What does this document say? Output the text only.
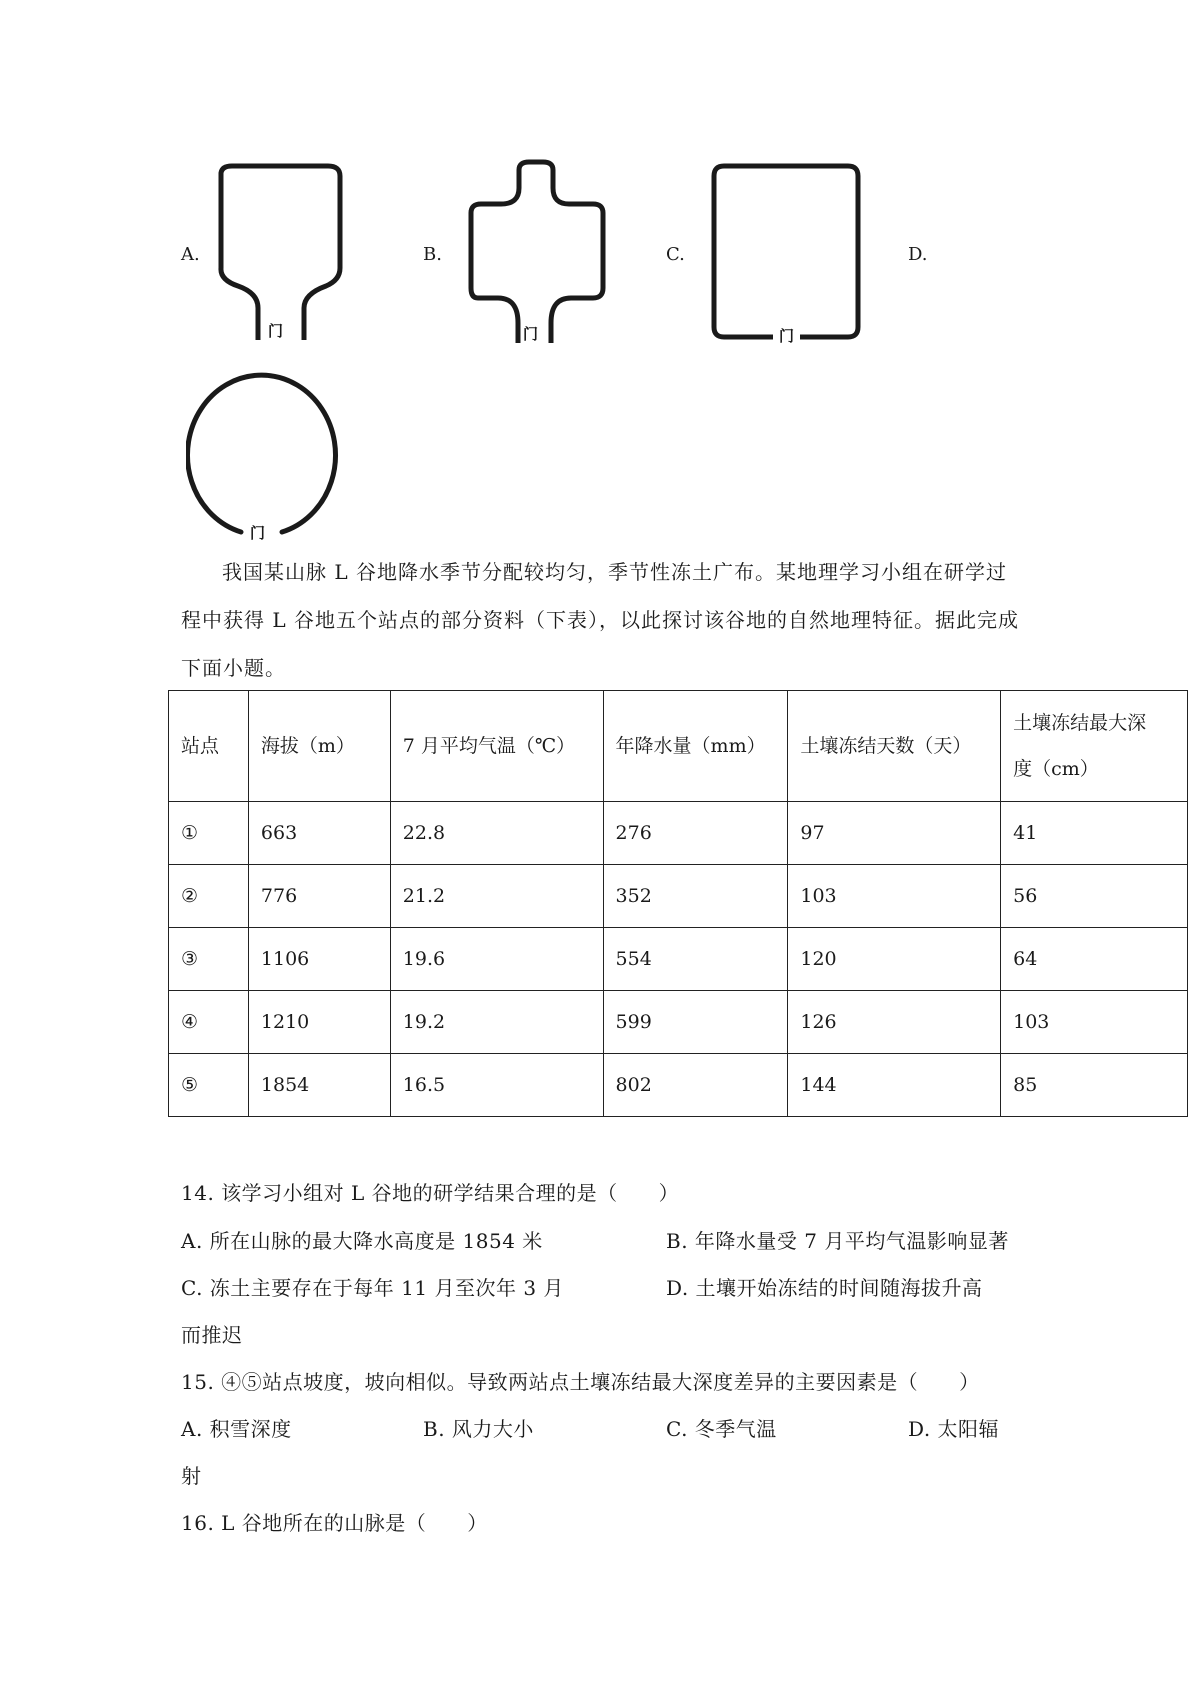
A.
门
B.
门
C.
门
D.
门
我国某山脉 L 谷地降水季节分配较均匀，季节性冻土广布。某地理学习小组在研学过
程中获得 L 谷地五个站点的部分资料（下表），以此探讨该谷地的自然地理特征。据此完成
下面小题。
站点	海拔（m）	7 月平均气温（℃）	年降水量（mm）	土壤冻结天数（天）	土壤冻结最大深
度（cm）
①	663	22.8	276	97	41
②	776	21.2	352	103	56
③	1106	19.6	554	120	64
④	1210	19.2	599	126	103
⑤	1854	16.5	802	144	85
14. 该学习小组对 L 谷地的研学结果合理的是（　　）
A. 所在山脉的最大降水高度是 1854 米	B. 年降水量受 7 月平均气温影响显著
C. 冻土主要存在于每年 11 月至次年 3 月	D. 土壤开始冻结的时间随海拔升高
而推迟
15. ④⑤站点坡度，坡向相似。导致两站点土壤冻结最大深度差异的主要因素是（　　）
A. 积雪深度	B. 风力大小	C. 冬季气温	D. 太阳辐
射
16. L 谷地所在的山脉是（　　）
